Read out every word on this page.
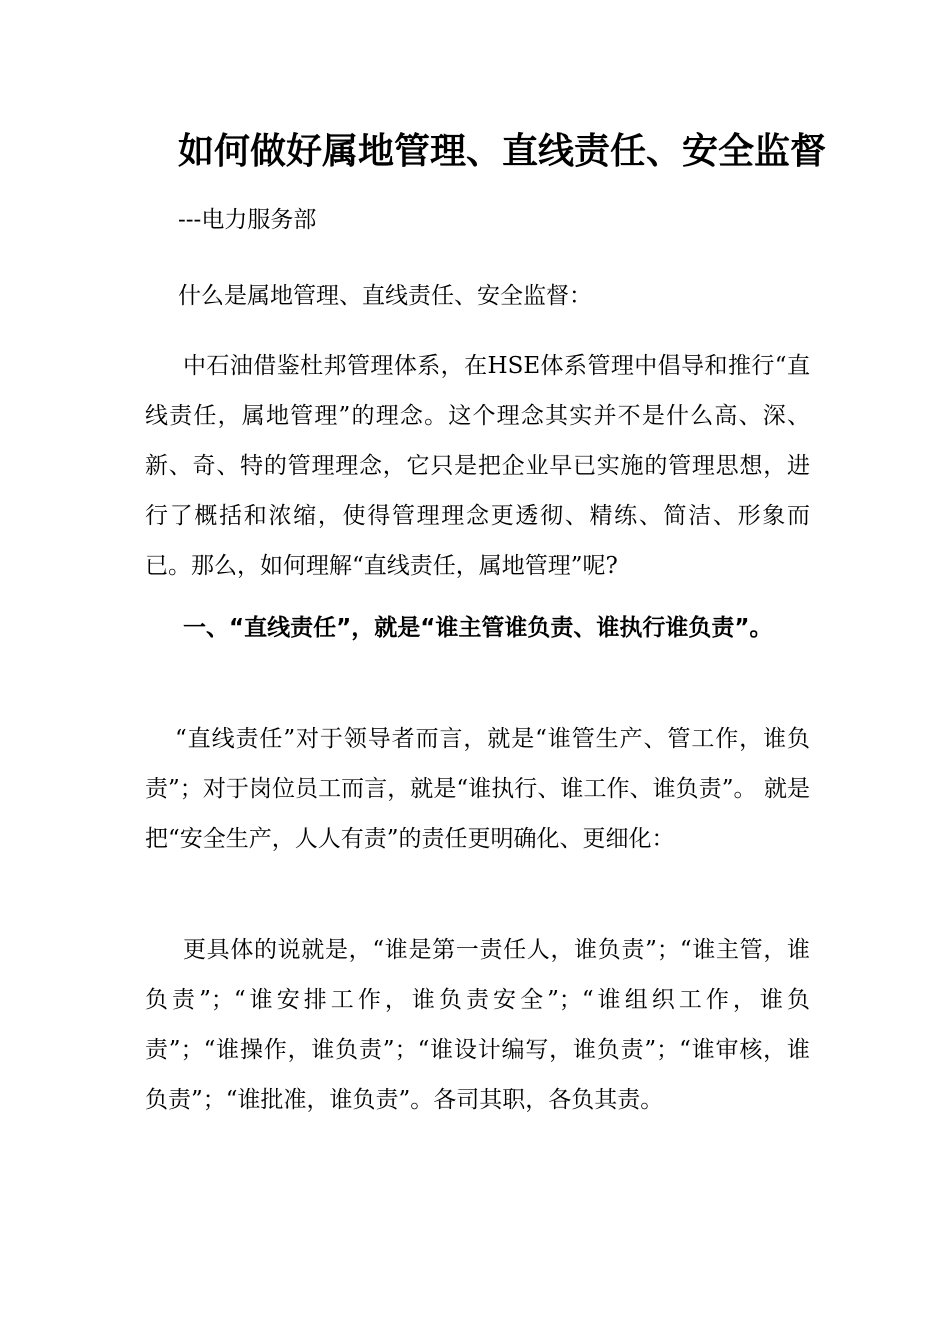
如何做好属地管理、直线责任、安全监督
---电力服务部
什么是属地管理、直线责任、安全监督：
中石油借鉴杜邦管理体系，在HSE体系管理中倡导和推行“直线责任，属地管理”的理念。这个理念其实并不是什么高、深、新、奇、特的管理理念，它只是把企业早已实施的管理思想，进行了概括和浓缩，使得管理理念更透彻、精练、简洁、形象而已。那么，如何理解“直线责任，属地管理”呢?
一、“直线责任”，就是“谁主管谁负责、谁执行谁负责”。
“直线责任”对于领导者而言，就是“谁管生产、管工作，谁负责”；对于岗位员工而言，就是“谁执行、谁工作、谁负责”。 就是把“安全生产，人人有责”的责任更明确化、更细化：
更具体的说就是，“谁是第一责任人，谁负责”；“谁主管，谁负责”；“谁安排工作，谁负责安全”；“谁组织工作，谁负责”；“谁操作，谁负责”；“谁设计编写，谁负责”；“谁审核，谁负责”；“谁批准，谁负责”。各司其职，各负其责。
